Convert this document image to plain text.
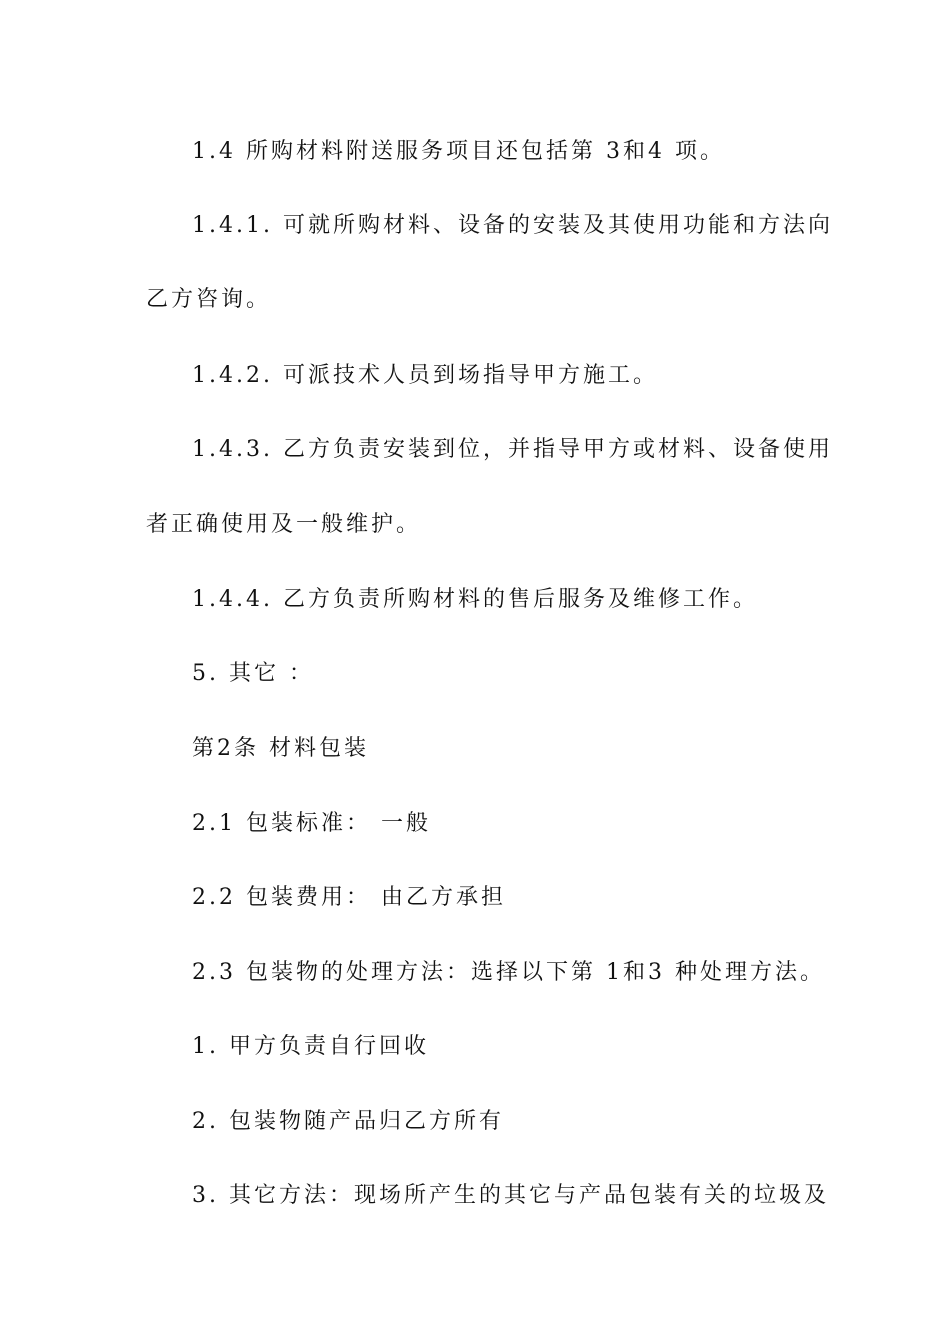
1.4 所购材料附送服务项目还包括第 3和4 项。

1.4.1. 可就所购材料、设备的安装及其使用功能和方法向

乙方咨询。

1.4.2. 可派技术人员到场指导甲方施工。

1.4.3. 乙方负责安装到位，并指导甲方或材料、设备使用

者正确使用及一般维护。

1.4.4. 乙方负责所购材料的售后服务及维修工作。

5. 其它 ：

第2条 材料包装

2.1 包装标准： 一般

2.2 包装费用： 由乙方承担

2.3 包装物的处理方法：选择以下第 1和3 种处理方法。

1. 甲方负责自行回收

2. 包装物随产品归乙方所有

3. 其它方法：现场所产生的其它与产品包装有关的垃圾及
